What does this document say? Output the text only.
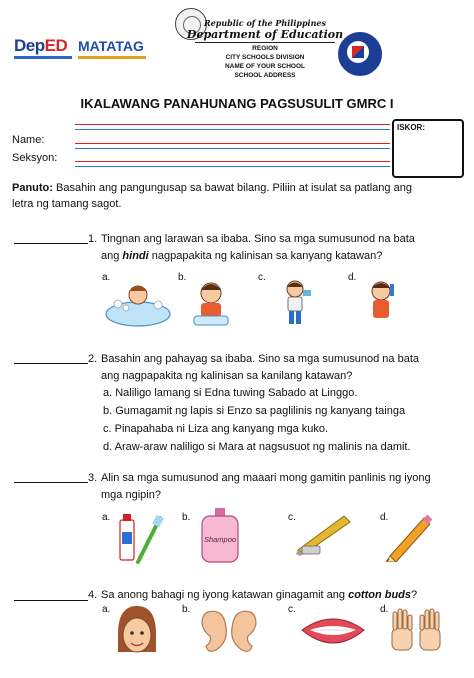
DepED MATATAG
Republic of the Philippines
Department of Education
REGION
CITY SCHOOLS DIVISION
NAME OF YOUR SCHOOL
SCHOOL ADDRESS
IKALAWANG PANAHUNANG PAGSUSULIT GMRC I
Name:
Seksyon:
ISKOR:
Panuto: Basahin ang pangungusap sa bawat bilang. Piliin at isulat sa patlang ang
letra ng tamang sagot.
1. Tingnan ang larawan sa ibaba. Sino sa mga sumusunod na bata
ang hindi nagpapakita ng kalinisan sa kanyang katawan?
a.	b.	c.	d.
2. Basahin ang pahayag sa ibaba. Sino sa mga sumusunod na bata
ang nagpapakita ng kalinisan sa kanilang katawan?
a. Naliligo lamang si Edna tuwing Sabado at Linggo.
b. Gumagamit ng lapis si Enzo sa paglilinis ng kanyang tainga
c. Pinapahaba ni Liza ang kanyang mga kuko.
d. Araw-araw naliligo si Mara at nagsusuot ng malinis na damit.
3. Alin sa mga sumusunod ang maaari mong gamitin panlinis ng iyong
mga ngipin?
a.	b.	c.	d.
Shampoo
4. Sa anong bahagi ng iyong katawan ginagamit ang cotton buds?
a.	b.	c.	d.
